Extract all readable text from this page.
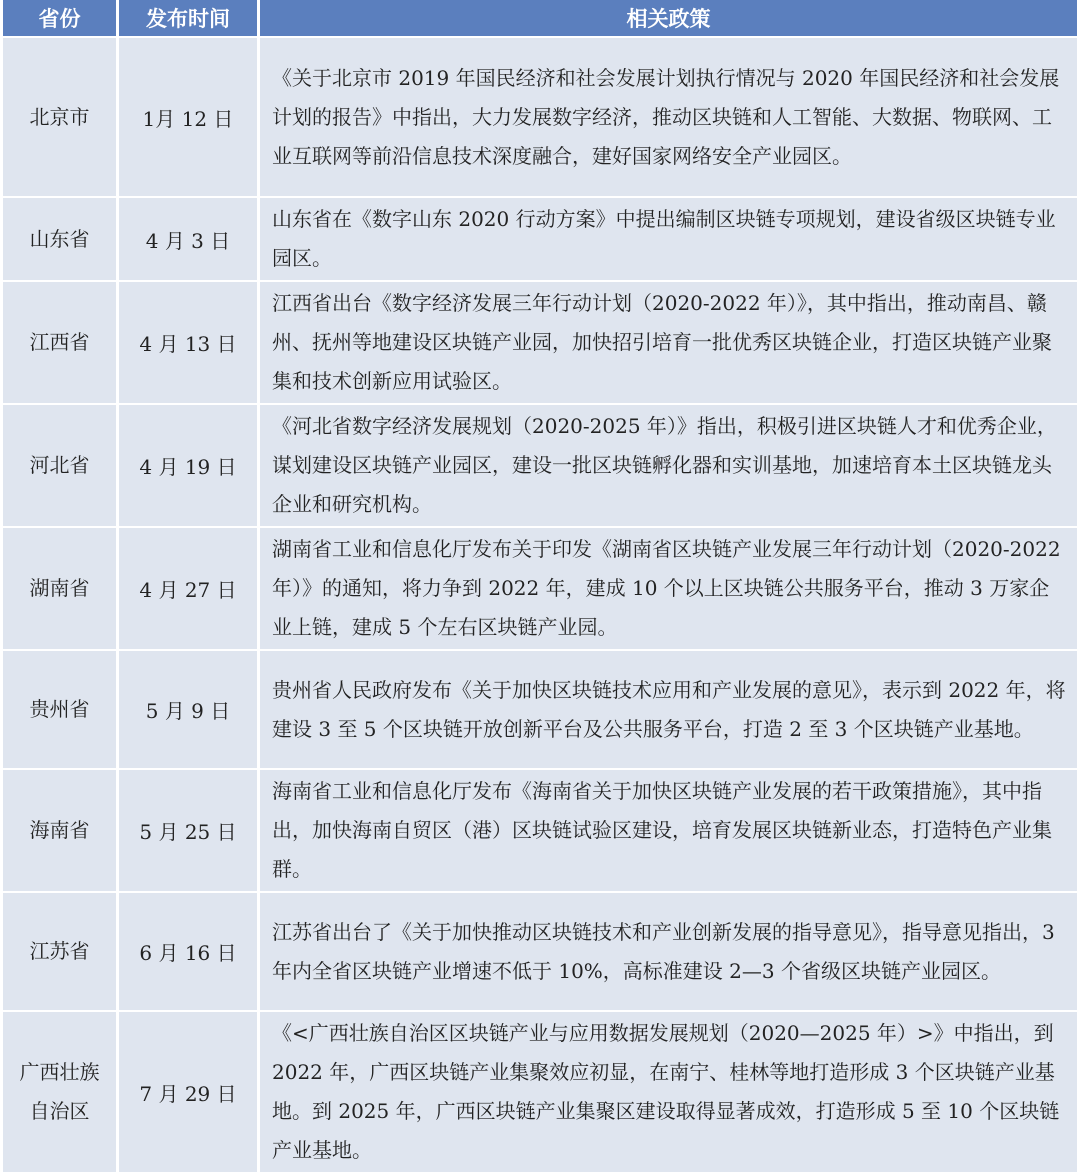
省份	发布时间	相关政策
北京市	1月 12 日	《关于北京市 2019 年国民经济和社会发展计划执行情况与 2020 年国民经济和社会发展计划的报告》中指出，大力发展数字经济，推动区块链和人工智能、大数据、物联网、工业互联网等前沿信息技术深度融合，建好国家网络安全产业园区。

山东省	4 月 3 日	山东省在《数字山东 2020 行动方案》中提出编制区块链专项规划，建设省级区块链专业园区。

江西省	4 月 13 日	江西省出台《数字经济发展三年行动计划（2020-2022 年）》，其中指出，推动南昌、赣州、抚州等地建设区块链产业园，加快招引培育一批优秀区块链企业，打造区块链产业聚集和技术创新应用试验区。

河北省	4 月 19 日	《河北省数字经济发展规划（2020-2025 年）》指出，积极引进区块链人才和优秀企业，谋划建设区块链产业园区，建设一批区块链孵化器和实训基地，加速培育本土区块链龙头企业和研究机构。

湖南省	4 月 27 日	湖南省工业和信息化厅发布关于印发《湖南省区块链产业发展三年行动计划（2020-2022 年）》的通知，将力争到 2022 年，建成 10 个以上区块链公共服务平台，推动 3 万家企业上链，建成 5 个左右区块链产业园。

贵州省	5 月 9 日	贵州省人民政府发布《关于加快区块链技术应用和产业发展的意见》，表示到 2022 年，将建设 3 至 5 个区块链开放创新平台及公共服务平台，打造 2 至 3 个区块链产业基地。

海南省	5 月 25 日	海南省工业和信息化厅发布《海南省关于加快区块链产业发展的若干政策措施》，其中指出，加快海南自贸区（港）区块链试验区建设，培育发展区块链新业态，打造特色产业集群。

江苏省	6 月 16 日	江苏省出台了《关于加快推动区块链技术和产业创新发展的指导意见》，指导意见指出，3 年内全省区块链产业增速不低于 10%，高标准建设 2—3 个省级区块链产业园区。

广西壮族自治区	7 月 29 日	《<广西壮族自治区区块链产业与应用数据发展规划（2020—2025 年）>》中指出，到 2022 年，广西区块链产业集聚效应初显，在南宁、桂林等地打造形成 3 个区块链产业基地。到 2025 年，广西区块链产业集聚区建设取得显著成效，打造形成 5 至 10 个区块链产业基地。
